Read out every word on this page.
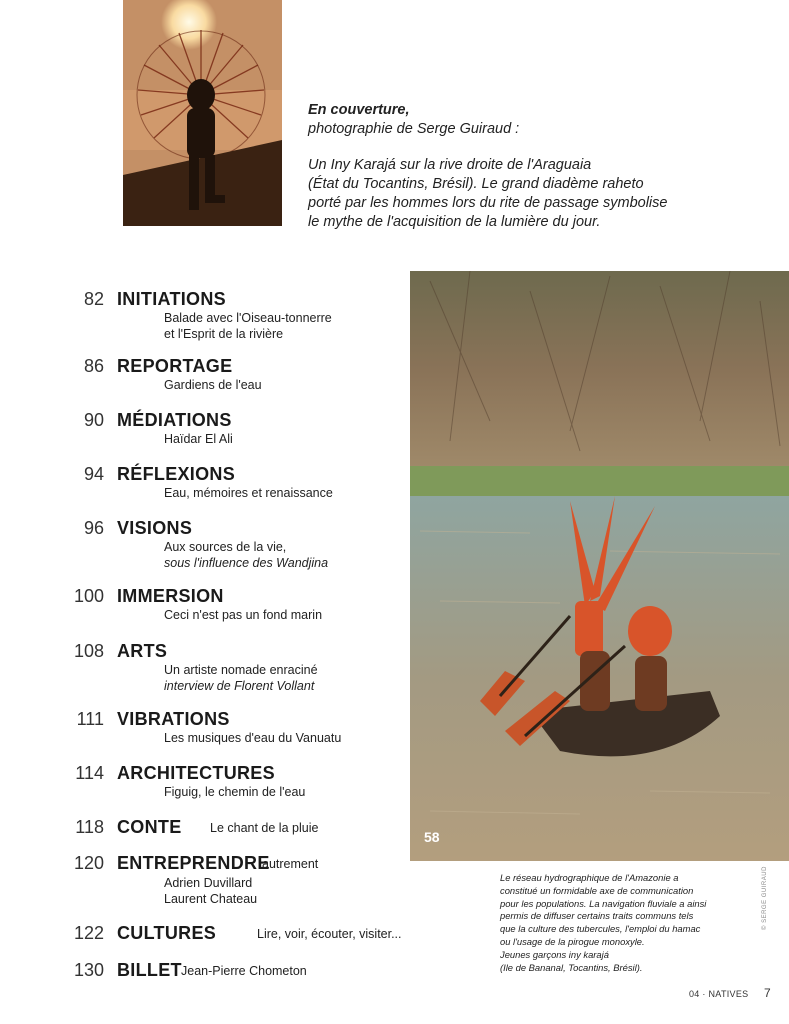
En couverture,

photographie de Serge Guiraud :

Un Iny Karajá sur la rive droite de l'Araguaia

(État du Tocantins, Brésil). Le grand diadème raheto

porté par les hommes lors du rite de passage symbolise

le mythe de l'acquisition de la lumière du jour.

82 INITIATIONS
Balade avec l'Oiseau-tonnerre
et l'Esprit de la rivière
86 REPORTAGE
Gardiens de l'eau
90 MÉDIATIONS
Haïdar El Ali
94 RÉFLEXIONS
Eau, mémoires et renaissance
96 VISIONS
Aux sources de la vie,
sous l'influence des Wandjina
100 IMMERSION
Ceci n'est pas un fond marin
108 ARTS
Un artiste nomade enraciné
interview de Florent Vollant
111 VIBRATIONS
Les musiques d'eau du Vanuatu
114 ARCHITECTURES
Figuig, le chemin de l'eau
118 CONTE Le chant de la pluie
120 ENTREPRENDRE
autrement
Adrien Duvillard
Laurent Chateau
122 CULTURES	Lire, voir, écouter, visiter...
130 BILLET Jean-Pierre Chometon
58

Le réseau hydrographique de l'Amazonie a

constitué un formidable axe de communication

pour les populations. La navigation fluviale a ainsi

permis de diffuser certains traits communs tels

que la culture des tubercules, l'emploi du hamac

ou l'usage de la pirogue monoxyle.

Jeunes garçons iny karajá

(Ile de Bananal, Tocantins, Brésil).

© SERGE GUIRAUD
04 · NATIVES 7
